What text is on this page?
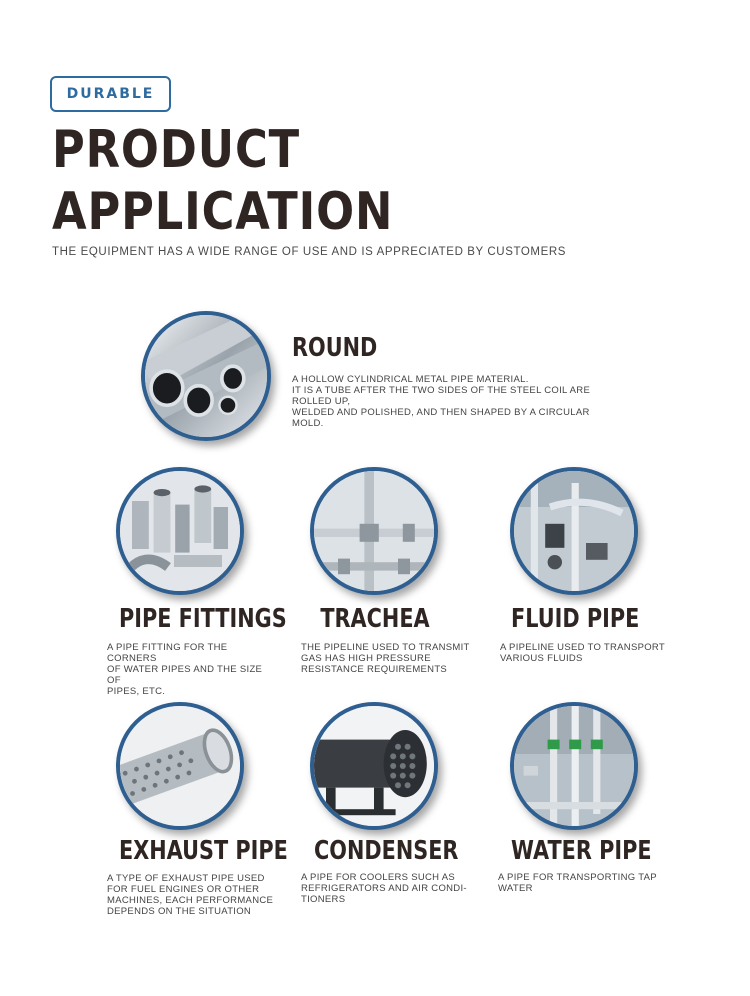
DURABLE
PRODUCT
APPLICATION
THE EQUIPMENT HAS A WIDE RANGE OF USE AND IS APPRECIATED BY CUSTOMERS
ROUND
A HOLLOW CYLINDRICAL METAL PIPE MATERIAL.
IT IS A TUBE AFTER THE TWO SIDES OF THE STEEL COIL ARE ROLLED UP,
WELDED AND POLISHED, AND THEN SHAPED BY A CIRCULAR MOLD.
PIPE FITTINGS
A PIPE FITTING FOR THE CORNERS
OF WATER PIPES AND THE SIZE OF
PIPES, ETC.
TRACHEA
THE PIPELINE USED TO TRANSMIT
GAS HAS HIGH PRESSURE
RESISTANCE REQUIREMENTS
FLUID PIPE
A PIPELINE USED TO TRANSPORT
VARIOUS FLUIDS
EXHAUST PIPE
A TYPE OF EXHAUST PIPE USED
FOR FUEL ENGINES OR OTHER
MACHINES, EACH PERFORMANCE
DEPENDS ON THE SITUATION
CONDENSER
A PIPE FOR COOLERS SUCH AS
REFRIGERATORS AND AIR CONDI-
TIONERS
WATER PIPE
A PIPE FOR TRANSPORTING TAP
WATER
